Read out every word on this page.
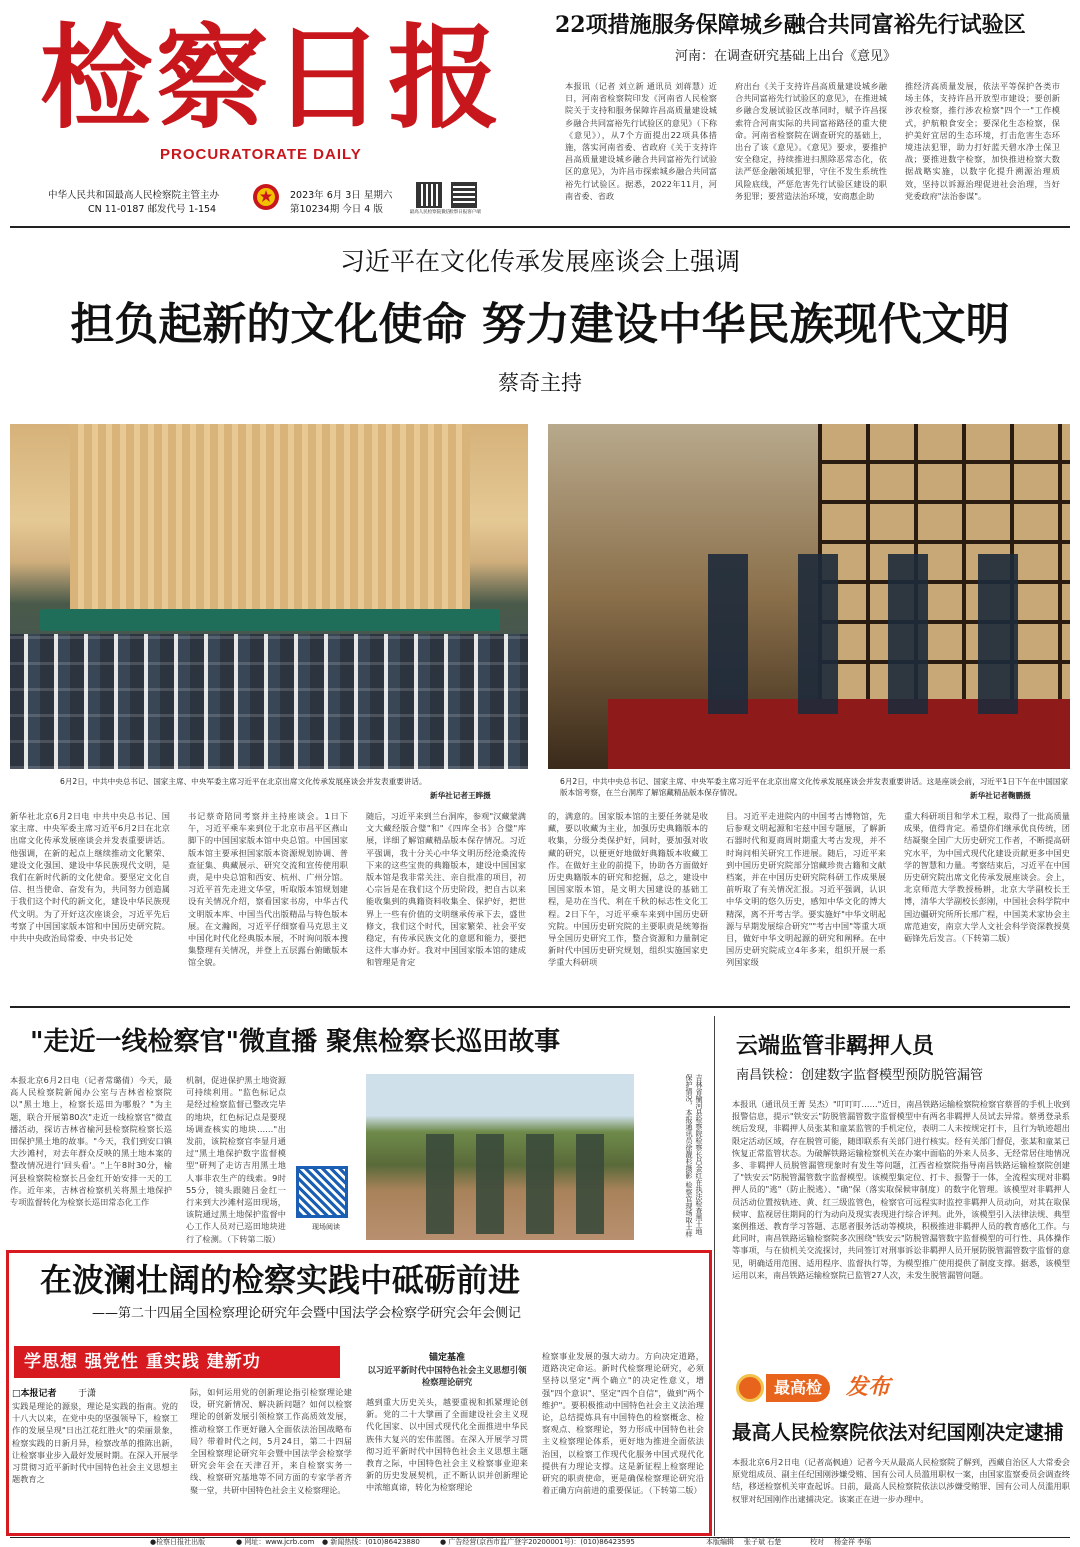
检察日报
PROCURATORATE DAILY
中华人民共和国最高人民检察院主管主办
CN 11-0187 邮发代号 1-154
2023年 6月 3日 星期六
第10234期 今日 4 版	最高人民检察院微信 检察日报客户端
22项措施服务保障城乡融合共同富裕先行试验区
河南：在调查研究基础上出台《意见》
本报讯（记者 刘立新 通讯员 刘蒋慧）近日，河南省检察院印发《河南省人民检察院关于支持和服务保障许昌高质量建设城乡融合共同富裕先行试验区的意见》（下称《意见》），从7个方面提出22项具体措施，落实河南省委、省政府《关于支持许昌高质量建设城乡融合共同富裕先行试验区的意见》，为许昌市探索城乡融合共同富裕先行试验区。据悉，2022年11月，河南省委、省政
府出台《关于支持许昌高质量建设城乡融合共同富裕先行试验区的意见》，在推进城乡融合发展试验区改革同时，赋予许昌探索符合河南实际的共同富裕路径的重大使命。河南省检察院在调查研究的基础上，出台了该《意见》。《意见》要求，要推护安全稳定，持续推进扫黑除恶常态化，依法严惩金融领域犯罪，守住不发生系统性风险底线，严惩危害先行试验区建设的职务犯罪；要营造法治环境，安商惠企助
推经济高质量发展，依法平等保护各类市场主体，支持许昌开放型市建设；要创新涉农检察，推行涉农检察"四个一"工作模式，护航粮食安全；要深化生态检察，保护美好宜居的生态环境，打击危害生态环境违法犯罪，助力打好蓝天碧水净土保卫战；要推进数字检察，加快推进检察大数据战略实施，以数字化提升溯源治理质效，坚持以诉源治理促进社会治理，当好党委政府"法治参谋"。
习近平在文化传承发展座谈会上强调
担负起新的文化使命 努力建设中华民族现代文明
蔡奇主持
6月2日，中共中央总书记、国家主席、中央军委主席习近平在北京出席文化传承发展座谈会并发表重要讲话。
新华社记者王晔摄
6月2日，中共中央总书记、国家主席、中央军委主席习近平在北京出席文化传承发展座谈会并发表重要讲话。这是座谈会前，习近平1日下午在中国国家版本馆考察，在兰台洞库了解馆藏精品版本保存情况。	新华社记者鞠鹏摄
新华社北京6月2日电 中共中央总书记、国家主席、中央军委主席习近平6月2日在北京出席文化传承发展座谈会并发表重要讲话。他强调，在新的起点上继续推动文化繁荣、建设文化强国、建设中华民族现代文明，是我们在新时代新的文化使命。要坚定文化自信、担当使命、奋发有为，共同努力创造属于我们这个时代的新文化，建设中华民族现代文明。为了开好这次座谈会，习近平先后考察了中国国家版本馆和中国历史研究院。中共中央政治局常委、中央书记处
书记蔡奇陪同考察并主持座谈会。1日下午，习近平乘车来到位于北京市昌平区燕山脚下的中国国家版本馆中央总馆。中国国家版本馆主要承担国家版本资源规划协调、普查征集、典藏展示、研究交流和宣传使用职责，是中央总馆和西安、杭州、广州分馆。习近平首先走进文华堂，听取版本馆规划建设有关情况介绍，察看国家书房，中华古代文明版本库、中国当代出版精品与特色版本展。在文瀚阁，习近平仔细察看马克思主义中国化时代化经典版本展，不时询问版本搜集整理有关情况，并登上五层露台俯瞰版本馆全貌。
随后，习近平来到兰台洞库，参观"汉藏蒙满文大藏经版合璧"和"《四库全书》合璧"库展，详细了解馆藏精品版本保存情况。习近平强调，我十分关心中华文明历经沧桑流传下来的这些宝贵的典籍版本，建设中国国家版本馆是我非常关注、亲自批准的项目，初心宗旨是在我们这个历史阶段，把自古以来能收集到的典籍资料收集全、保护好，把世界上一些有价值的文明继承传承下去，盛世修文，我们这个时代，国家繁荣、社会平安稳定，有传承民族文化的意愿和能力，要把这件大事办好。我对中国国家版本馆的建成和管理是肯定
的，满意的。国家版本馆的主要任务就是收藏，要以收藏为主业，加强历史典籍版本的收集，分级分类保护好，同时，要加强对收藏的研究，以便更好地做好典籍版本收藏工作。在做好主业的前提下，协助各方面做好历史典籍版本的研究和挖掘，总之，建设中国国家版本馆，是文明大国建设的基础工程，是功在当代、利在千秋的标志性文化工程。2日下午，习近平乘车来到中国历史研究院。中国历史研究院的主要职责是统筹指导全国历史研究工作，整合资源和力量制定新时代中国历史研究规划，组织实施国家史学重大科研项
目。习近平走进院内的中国考古博物馆，先后参观文明起源和宅兹中国专题展，了解新石器时代和夏商周时期重大考古发现，并不时询问相关研究工作进展。随后，习近平来到中国历史研究院部分馆藏珍贵古籍和文献档案，并在中国历史研究院科研工作成果展前听取了有关情况汇报。习近平强调，认识中华文明的悠久历史，感知中华文化的博大精深，离不开考古学。要实施好"中华文明起源与早期发展综合研究""考古中国"等重大项目，做好中华文明起源的研究和阐释。在中国历史研究院成立4年多来，组织开展一系列国家级
重大科研项目和学术工程，取得了一批高质量成果，值得肯定。希望你们继承优良传统，团结凝聚全国广大历史研究工作者，不断提高研究水平，为中国式现代化建设贡献更多中国史学的智慧和力量。考察结束后，习近平在中国历史研究院出席文化传承发展座谈会。会上，北京师范大学教授杨耕，北京大学副校长王博，清华大学副校长彭刚，中国社会科学院中国边疆研究所所长邢广程，中国美术家协会主席范迪安，南京大学人文社会科学资深教授莫砺锋先后发言。（下转第二版）
"走近一线检察官"微直播 聚焦检察长巡田故事
本报北京6月2日电（记者常璐倩）今天，最高人民检察院新闻办公室与吉林省检察院以"黑土地上，检察长巡田为哪般？"为主题，联合开展第80次"走近一线检察官"微直播活动，探访吉林省榆河县检察院检察长巡田保护黑土地的故事。"今天，我们到安口镇大沙滩村，对去年群众反映的黑土地本案的整改情况进行'回头看'。"上午8时30分，榆河县检察院检察长吕金红开始安排一天的工作。近年来，吉林省检察机关将黑土地保护专项监督转化为检察长巡田常态化工作
机制，促进保护黑土地资源可持续利用。"监色标记点是经过检察监督已整改完毕的地块，红色标记点是要现场调查核实的地块……"出发前，该院检察官李显月通过"黑土地保护数字监督模型"研判了走访吉用黑土地人事非农生产的线索。9时55分，镜头跟随吕金红一行来到大沙滩村巡田现场，该院通过黑土地保护监督中心工作人员对已巡田地块进行了检测。（下转第二版）
现场阅读	吉林省榆河县检察院检察长吕金红在执法检查黑土地保护情况，本报通讯员徐靓杉摄影 检察官现场取土样
云端监管非羁押人员
南昌铁检：创建数字监督模型预防脱管漏管
本报讯（通讯员王菁 吴杰）"叮叮叮……"近日，南昌铁路运输检察院检察官蔡晋的手机上收到报警信息，提示"铁安云"防脱管漏管数字监督模型中有两名非羁押人员试去异常。蔡勇登录系统后发现，非羁押人员张某和童某监管的手机定位，表明二人未按规定打卡，且行为轨迹超出限定活动区域，存在脱管可能，随即联系有关部门进行核实。经有关部门督促，张某和童某已恢复正常监管状态。为破解铁路运输检察机关在办案中面临的外来人员多、无经常居住地情况多、非羁押人员脱管漏管现象时有发生等问题，江西省检察院指导南昌铁路运输检察院创建了"铁安云"防脱管漏管数字监督模型。该模型集定位、打卡、报警于一体，全流程实现对非羁押人员的"逃"（防止脱逃）、"确"保（落实取保候审制度）的数字化管理。该模型对非羁押人员活动位置按轨迹、黄、红三级监管色，检察官可远程实时监控非羁押人员动向，对其在取保候审、监视居住期间的行为动向及现实表现进行综合评判。此外，该模型引入法律法规、典型案例推送、教育学习答题、志愿者服务活动等模块，积极推进非羁押人员的教育感化工作。与此同时，南昌铁路运输检察院多次围绕"铁安云"防脱管漏管数字监督模型的可行性、具体操作等事项，与在侦机关交流探讨，共同签订对刑事诉讼非羁押人员开展防脱管漏管数字监督的意见，明确适用范围、适用程序、监督执行等，为模型推广使用提供了制度支撑。据悉，该模型运用以来，南昌铁路运输检察院已监管27人次，未发生脱管漏管问题。
最高检	发布
最高人民检察院依法对纪国刚决定逮捕
本报北京6月2日电（记者高枫迪）记者今天从最高人民检察院了解到，西藏自治区人大常委会原党组成员、副主任纪国刚涉嫌受贿、国有公司人员滥用职权一案，由国家监察委员会调查终结，移送检察机关审查起诉。日前，最高人民检察院依法以涉嫌受贿罪、国有公司人员滥用职权罪对纪国刚作出逮捕决定。该案正在进一步办理中。
在波澜壮阔的检察实践中砥砺前进
——第二十四届全国检察理论研究年会暨中国法学会检察学研究会年会侧记
学思想 强党性 重实践 建新功
□本报记者 于潇
实践是理论的源泉，理论是实践的指南。党的十八大以来，在党中央的坚强领导下，检察工作的发展呈现"日出江花红胜火"的荣丽景象，检察实践的日新月异，检察改革的推陈出新，让检察事业步入最好发展时期。在深入开展学习贯彻习近平新时代中国特色社会主义思想主题教育之
际，如何运用党的创新理论指引检察理论建设，研究新情况、解决新问题？如何以检察理论的创新发展引领检察工作高质效发展，推动检察工作更好融入全面依法治国战略布局？带着时代之问，5月24日，第二十四届全国检察理论研究年会暨中国法学会检察学研究会年会在天津召开，来自检察实务一线、检察研究基地等不同方面的专家学者齐聚一堂，共研中国特色社会主义检察理论。
锚定基准
以习近平新时代中国特色社会主义思想引领检察理论研究
越到重大历史关头，越要重视和抓紧理论创新。党的二十大擘画了全面建设社会主义现代化国家、以中国式现代化全面推进中华民族伟大复兴的宏伟蓝图。在深入开展学习贯彻习近平新时代中国特色社会主义思想主题教育之际，中国特色社会主义检察事业迎来新的历史发展契机，正不断认识并创新理论中浓缩真谛，转化为检察理论
检察事业发展的强大动力。方向决定道路，道路决定命运。新时代检察理论研究，必须坚持以坚定"两个确立"的决定性意义，增强"四个意识"、坚定"四个自信"，做到"两个维护"。要积极推动中国特色社会主义法治理论，总结提炼具有中国特色的检察概念、检察观点、检察理论，努力形成中国特色社会主义检察理论体系，更好地为推进全面依法治国，以检察工作现代化服务中国式现代化提供有力理论支撑。这是新征程上检察理论研究的职责使命，更是确保检察理论研究沿着正确方向前进的重要保证。（下转第二版）
●检察日报社出版	● 网址：www.jcrb.com ● 新闻热线：(010)86423880	● 广告经营(京西市监广登字20200001号)：(010)86423595	本版编辑 张子斌 石楚	校对 杨金祥 李瑶
